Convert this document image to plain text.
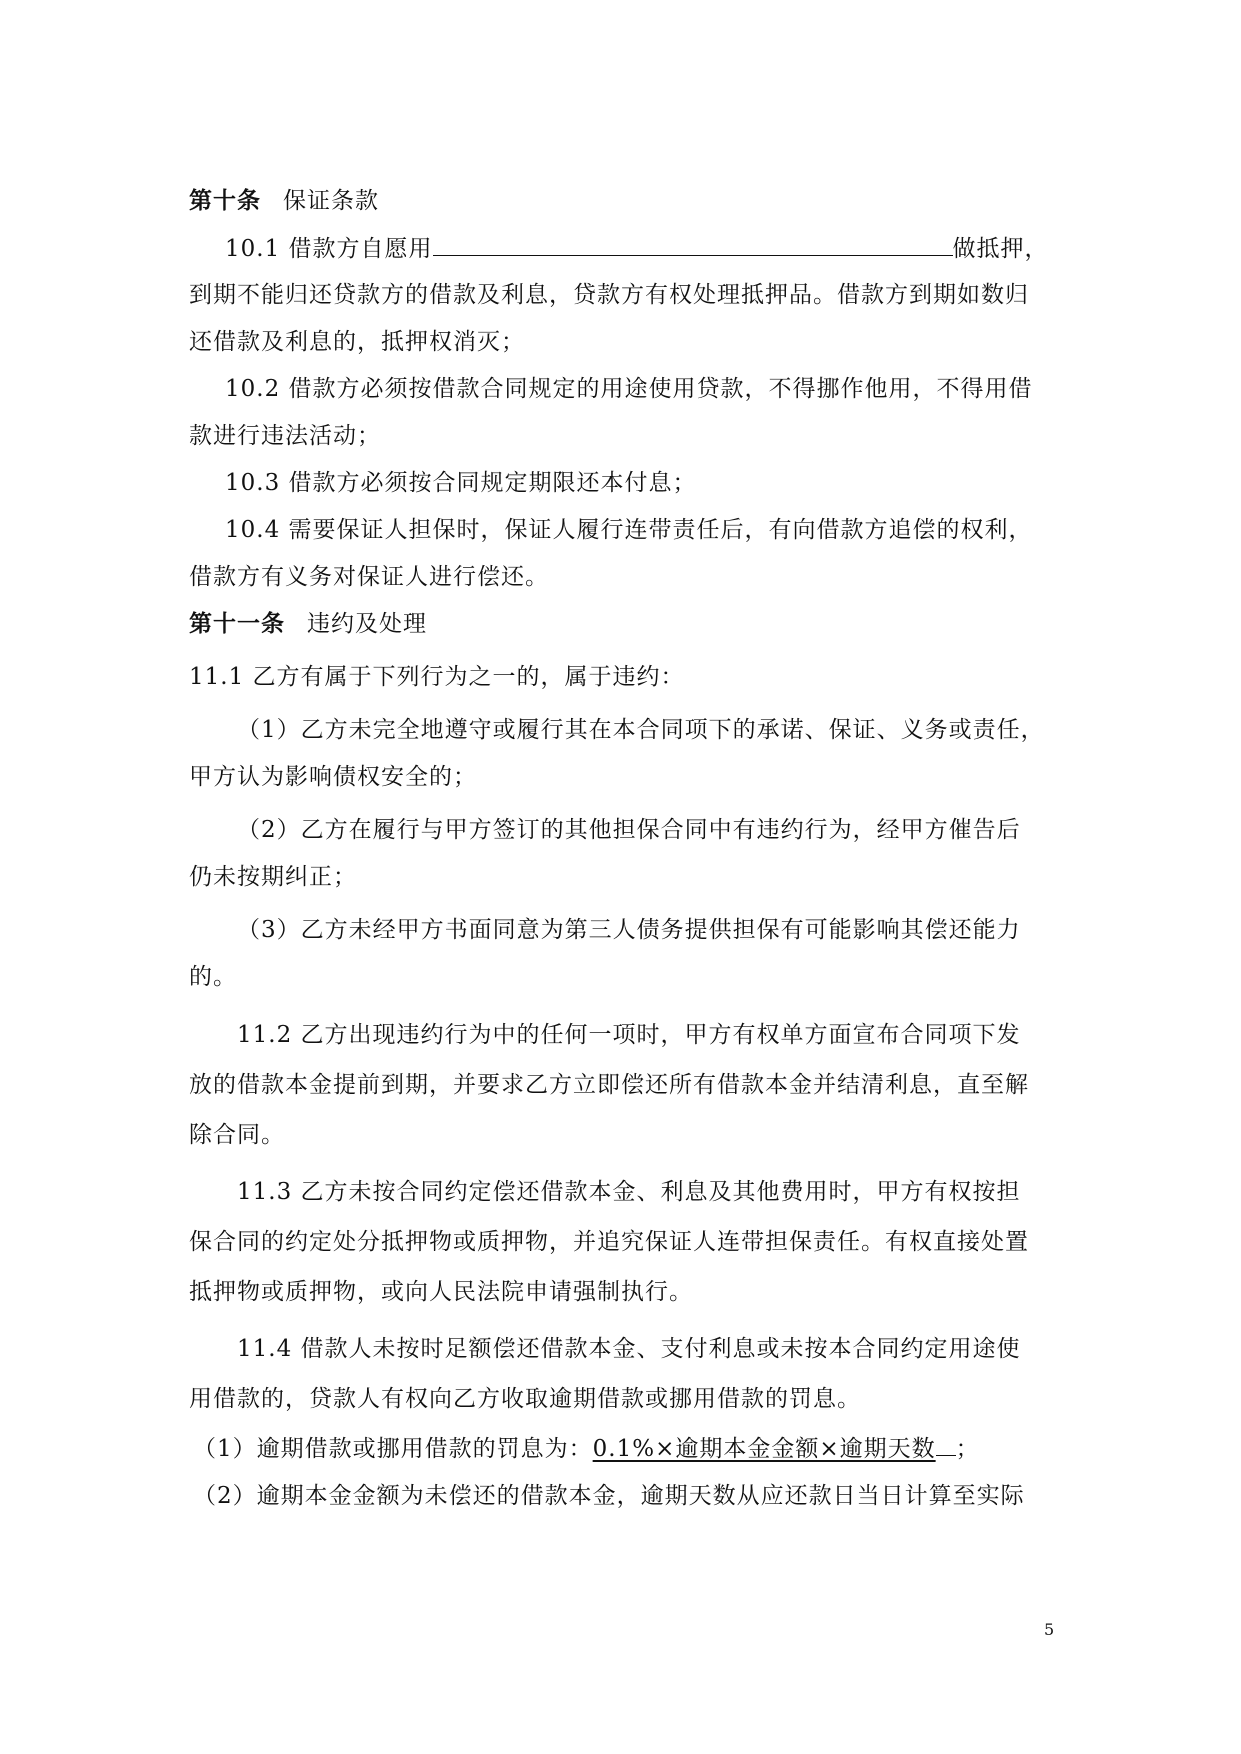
第十条 保证条款
10.1 借款方自愿用	做抵押，
到期不能归还贷款方的借款及利息，贷款方有权处理抵押品。借款方到期如数归
还借款及利息的，抵押权消灭；
10.2 借款方必须按借款合同规定的用途使用贷款，不得挪作他用，不得用借
款进行违法活动；
10.3 借款方必须按合同规定期限还本付息；
10.4 需要保证人担保时，保证人履行连带责任后，有向借款方追偿的权利，
借款方有义务对保证人进行偿还。
第十一条 违约及处理
11.1 乙方有属于下列行为之一的，属于违约：
（1）乙方未完全地遵守或履行其在本合同项下的承诺、保证、义务或责任，
甲方认为影响债权安全的；
（2）乙方在履行与甲方签订的其他担保合同中有违约行为，经甲方催告后
仍未按期纠正；
（3）乙方未经甲方书面同意为第三人债务提供担保有可能影响其偿还能力
的。
11.2 乙方出现违约行为中的任何一项时，甲方有权单方面宣布合同项下发
放的借款本金提前到期，并要求乙方立即偿还所有借款本金并结清利息，直至解
除合同。
11.3 乙方未按合同约定偿还借款本金、利息及其他费用时，甲方有权按担
保合同的约定处分抵押物或质押物，并追究保证人连带担保责任。有权直接处置
抵押物或质押物，或向人民法院申请强制执行。
11.4 借款人未按时足额偿还借款本金、支付利息或未按本合同约定用途使
用借款的，贷款人有权向乙方收取逾期借款或挪用借款的罚息。
（1）逾期借款或挪用借款的罚息为：0.1%×逾期本金金额×逾期天数 ；
（2）逾期本金金额为未偿还的借款本金，逾期天数从应还款日当日计算至实际
5
